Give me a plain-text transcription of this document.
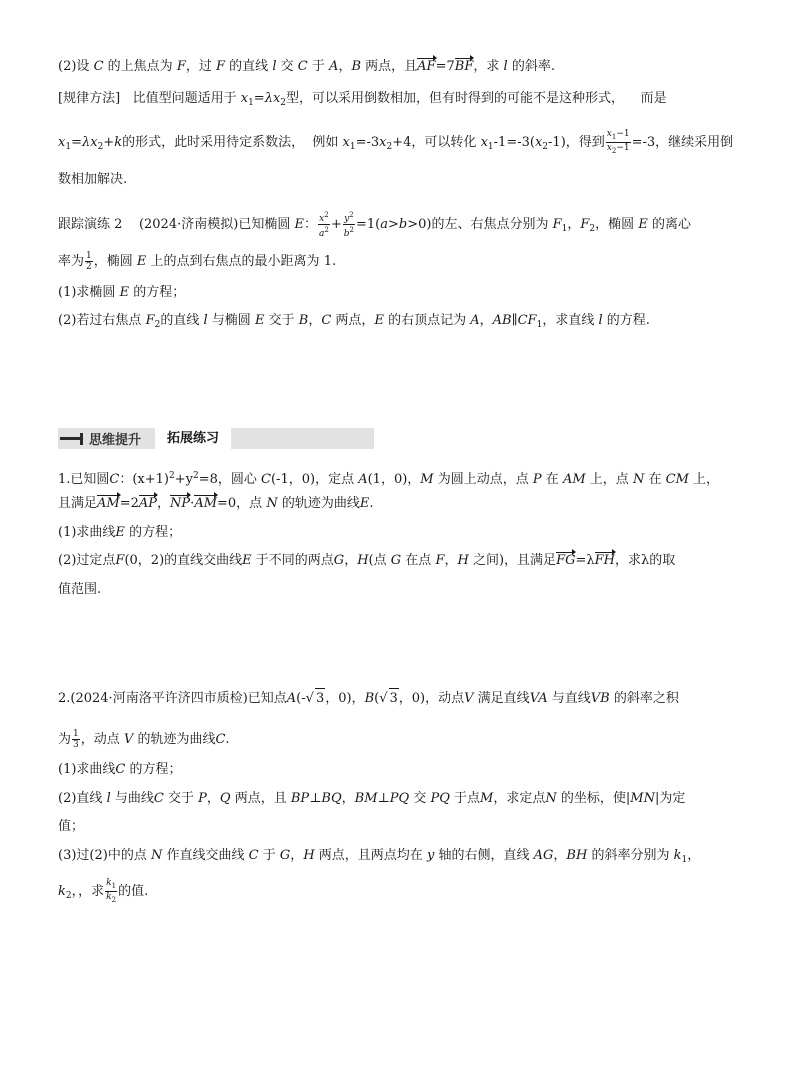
(2)设 C 的上焦点为 F，过 F 的直线 l 交 C 于 A，B 两点，且AF=7BF，求 l 的斜率.
[规律方法] 比值型问题适用于 $x_1=\lambda x_2$型，可以采用倒数相加，但有时得到的可能不是这种形式， 而是
$x_1=\lambda x_2+k$的形式，此时采用待定系数法， 例如 $x_1=-3x_2+4$，可以转化 $x_1-1=-3(x_2-1)$，得到 $\frac{x_1-1}{x_2-1} =-3$，继续采用倒
数相加解决.
跟踪演练 2 (2024·济南模拟)已知椭圆 E： $\frac{x^2}{a^2} + \frac{y^2}{b^2} =1(a>b>0)$的左、右焦点分别为 $F_1$，$F_2$，椭圆 E 的离心
率为 $\frac{1}{2}$ ，椭圆 E 上的点到右焦点的最小距离为 1.
(1)求椭圆 E 的方程；
(2)若过右焦点 $F_2$的直线 l 与椭圆 E 交于 B，C 两点，E 的右顶点记为 A，$AB\parallel CF_1$，求直线 l 的方程.
思维提升	拓展练习
1.已知圆C：$(x+1)^2+y^2=8$，圆心 C(-1，0)，定点 A(1，0)，M 为圆上动点，点 P 在 AM 上，点 N 在 CM 上，
且满足AM=2AP，NP·AM=0，点 N 的轨迹为曲线E.
(1)求曲线E 的方程；
(2)过定点F(0，2)的直线交曲线E 于不同的两点G，H(点 G 在点 F，H 之间)，且满足FG=λFH，求λ的取
值范围.
2.(2024·河南洛平许济四市质检)已知点A(-√ 3，0)，B(√ 3，0)，动点V 满足直线VA 与直线VB 的斜率之积
为 $\frac{1}{3}$ ，动点 V 的轨迹为曲线C.
(1)求曲线C 的方程；
(2)直线 l 与曲线C 交于 P，Q 两点，且 BP⊥BQ，BM⊥PQ 交 PQ 于点M，求定点N 的坐标，使|MN|为定
值；
(3)过(2)中的点 N 作直线交曲线 C 于 G，H 两点，且两点均在 y 轴的右侧，直线 AG，BH 的斜率分别为 $k_1$，
$k_2$，，求 $\frac{k_1}{k_2}$ 的值.
